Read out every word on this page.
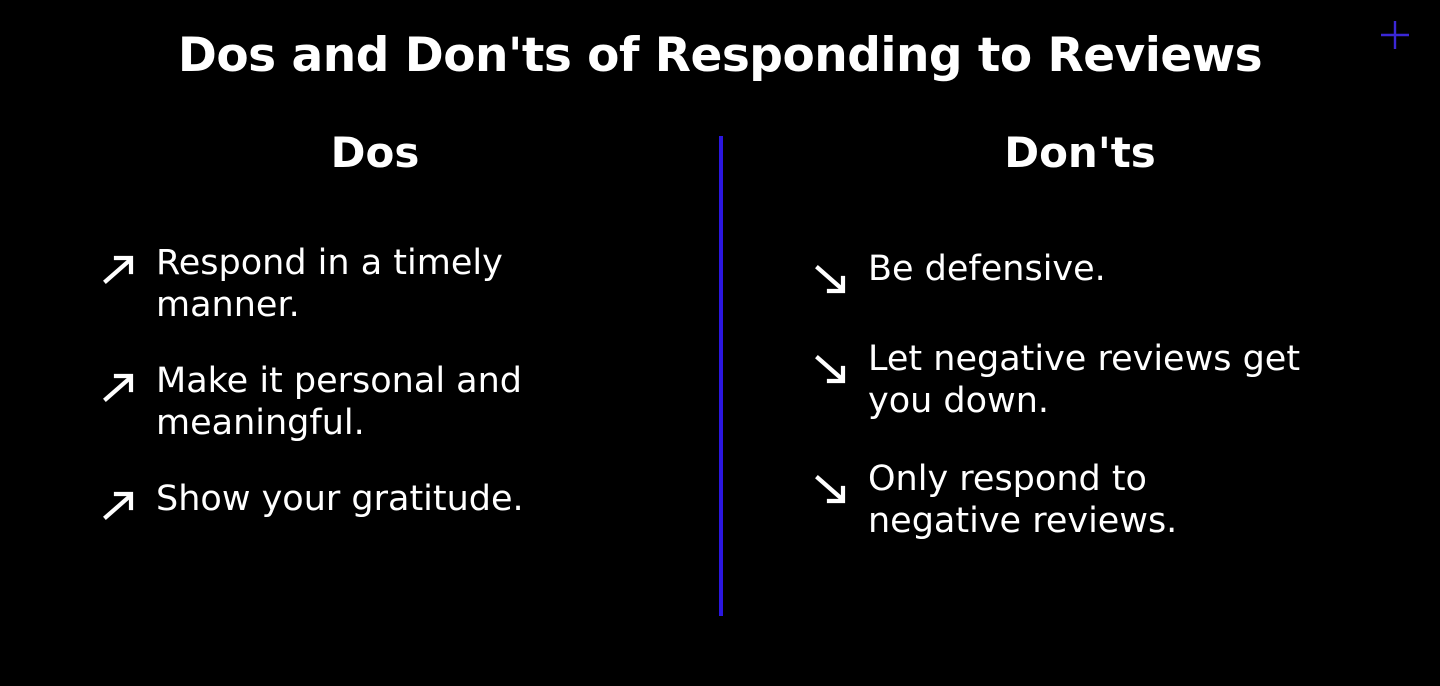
Dos and Don'ts of Responding to Reviews
Dos
Respond in a timely manner.
Make it personal and meaningful.
Show your gratitude.
Don'ts
Be defensive.
Let negative reviews get you down.
Only respond to negative reviews.
